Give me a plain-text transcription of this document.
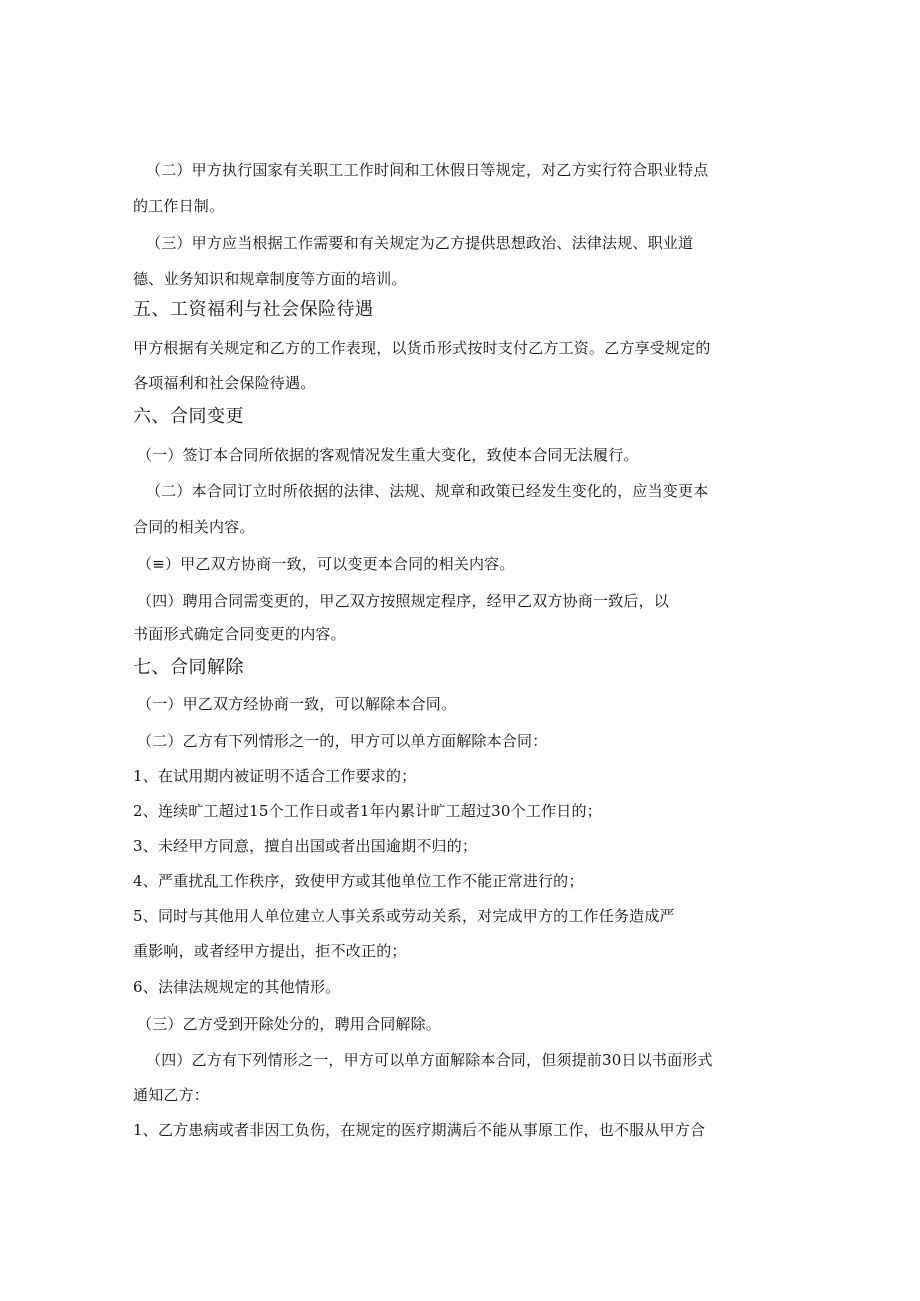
（二）甲方执行国家有关职工工作时间和工休假日等规定，对乙方实行符合职业特点
的工作日制。
（三）甲方应当根据工作需要和有关规定为乙方提供思想政治、法律法规、职业道
德、业务知识和规章制度等方面的培训。
五、工资福利与社会保险待遇
甲方根据有关规定和乙方的工作表现，以货币形式按时支付乙方工资。乙方享受规定的
各项福利和社会保险待遇。
六、合同变更
（一）签订本合同所依据的客观情况发生重大变化，致使本合同无法履行。
（二）本合同订立时所依据的法律、法规、规章和政策已经发生变化的，应当变更本
合同的相关内容。
（≡）甲乙双方协商一致，可以变更本合同的相关内容。
（四）聘用合同需变更的，甲乙双方按照规定程序，经甲乙双方协商一致后，以
书面形式确定合同变更的内容。
七、合同解除
（一）甲乙双方经协商一致，可以解除本合同。
（二）乙方有下列情形之一的，甲方可以单方面解除本合同：
1、在试用期内被证明不适合工作要求的；
2、连续旷工超过15个工作日或者1年内累计旷工超过30个工作日的；
3、未经甲方同意，擅自出国或者出国逾期不归的；
4、严重扰乱工作秩序，致使甲方或其他单位工作不能正常进行的；
5、同时与其他用人单位建立人事关系或劳动关系，对完成甲方的工作任务造成严
重影响，或者经甲方提出，拒不改正的；
6、法律法规规定的其他情形。
（三）乙方受到开除处分的，聘用合同解除。
（四）乙方有下列情形之一，甲方可以单方面解除本合同，但须提前30日以书面形式
通知乙方：
1、乙方患病或者非因工负伤，在规定的医疗期满后不能从事原工作，也不服从甲方合
